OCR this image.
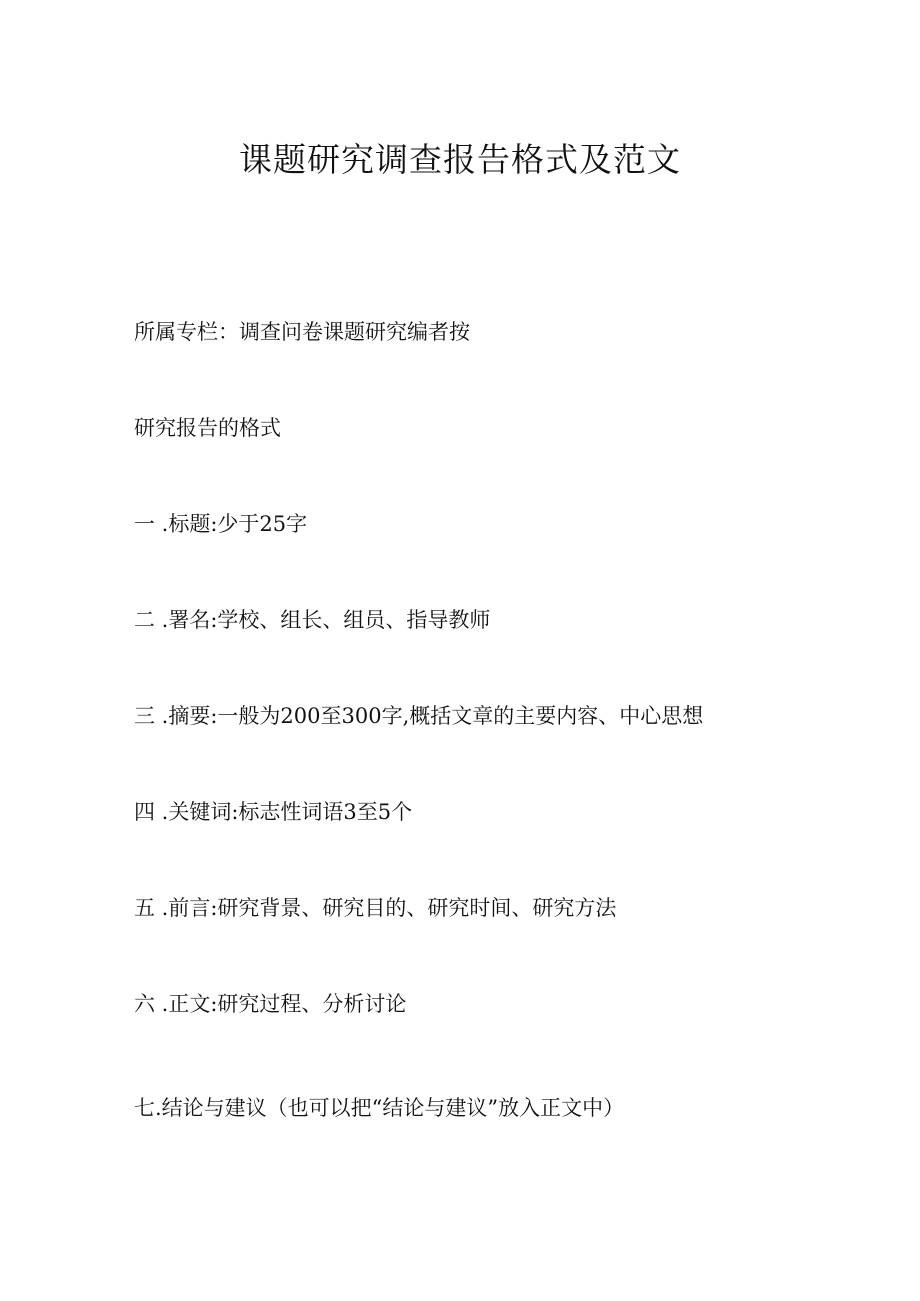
课题研究调查报告格式及范文

所属专栏：调查问卷课题研究编者按

研究报告的格式

一 .标题:少于25字

二 .署名:学校、组长、组员、指导教师

三 .摘要:一般为200至300字,概括文章的主要内容、中心思想

四 .关键词:标志性词语3至5个

五 .前言:研究背景、研究目的、研究时间、研究方法

六 .正文:研究过程、分析讨论

七.结论与建议（也可以把“结论与建议”放入正文中）
